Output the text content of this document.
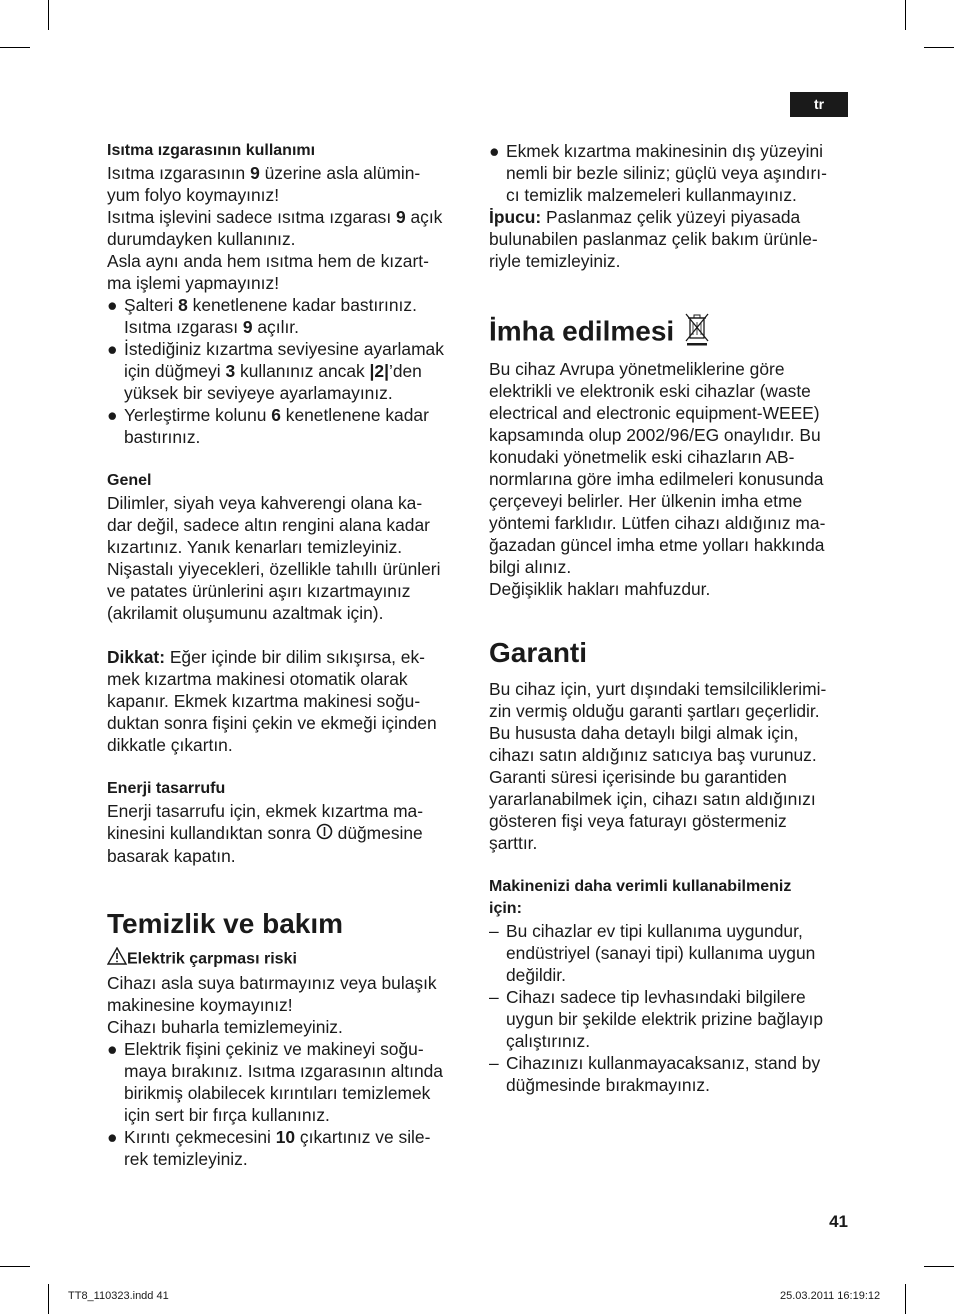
tr

Isıtma ızgarasının kullanımı

Isıtma ızgarasının 9 üzerine asla alümin-

yum folyo koymayınız!

Isıtma işlevini sadece ısıtma ızgarası 9 açık

durumdayken kullanınız.

Asla aynı anda hem ısıtma hem de kızart-

ma işlemi yapmayınız!

● Şalteri 8 kenetlenene kadar bastırınız.

Isıtma ızgarası 9 açılır.

● İstediğiniz kızartma seviyesine ayarlamak

için düğmeyi 3 kullanınız ancak |2|’den

yüksek bir seviyeye ayarlamayınız.

● Yerleştirme kolunu 6 kenetlenene kadar

bastırınız.

Genel

Dilimler, siyah veya kahverengi olana ka-

dar değil, sadece altın rengini alana kadar

kızartınız. Yanık kenarları temizleyiniz.

Nişastalı yiyecekleri, özellikle tahıllı ürünleri

ve patates ürünlerini aşırı kızartmayınız

(akrilamit oluşumunu azaltmak için).

Dikkat: Eğer içinde bir dilim sıkışırsa, ek-

mek kızartma makinesi otomatik olarak

kapanır. Ekmek kızartma makinesi soğu-

duktan sonra fişini çekin ve ekmeği içinden

dikkatle çıkartın.

Enerji tasarrufu

Enerji tasarrufu için, ekmek kızartma ma-

kinesini kullandıktan sonra  düğmesine

basarak kapatın.

Temizlik ve bakım

Elektrik çarpması riski

Cihazı asla suya batırmayınız veya bulaşık

makinesine koymayınız!

Cihazı buharla temizlemeyiniz.

● Elektrik fişini çekiniz ve makineyi soğu-

maya bırakınız. Isıtma ızgarasının altında

birikmiş olabilecek kırıntıları temizlemek

için sert bir fırça kullanınız.

● Kırıntı çekmecesini 10 çıkartınız ve sile-

rek temizleyiniz.

● Ekmek kızartma makinesinin dış yüzeyini

nemli bir bezle siliniz; güçlü veya aşındırı-

cı temizlik malzemeleri kullanmayınız.

İpucu: Paslanmaz çelik yüzeyi piyasada

bulunabilen paslanmaz çelik bakım ürünle-

riyle temizleyiniz.

İmha edilmesi

Bu cihaz Avrupa yönetmeliklerine göre

elektrikli ve elektronik eski cihazlar (waste

electrical and electronic equipment-WEEE)

kapsamında olup 2002/96/EG onaylıdır. Bu

konudaki yönetmelik eski cihazların AB-

normlarına göre imha edilmeleri konusunda

çerçeveyi belirler. Her ülkenin imha etme

yöntemi farklıdır. Lütfen cihazı aldığınız ma-

ğazadan güncel imha etme yolları hakkında

bilgi alınız.

Değişiklik hakları mahfuzdur.

Garanti

Bu cihaz için, yurt dışındaki temsilciliklerimi-

zin vermiş olduğu garanti şartları geçerlidir.

Bu hususta daha detaylı bilgi almak için,

cihazı satın aldığınız satıcıya baş vurunuz.

Garanti süresi içerisinde bu garantiden

yararlanabilmek için, cihazı satın aldığınızı

gösteren fişi veya faturayı göstermeniz

şarttır.

Makinenizi daha verimli kullanabilmeniz

için:

– Bu cihazlar ev tipi kullanıma uygundur,

endüstriyel (sanayi tipi) kullanıma uygun

değildir.

– Cihazı sadece tip levhasındaki bilgilere

uygun bir şekilde elektrik prizine bağlayıp

çalıştırınız.

– Cihazınızı kullanmayacaksanız, stand by

düğmesinde bırakmayınız.

41
TT8_110323.indd 41	25.03.2011 16:19:12
